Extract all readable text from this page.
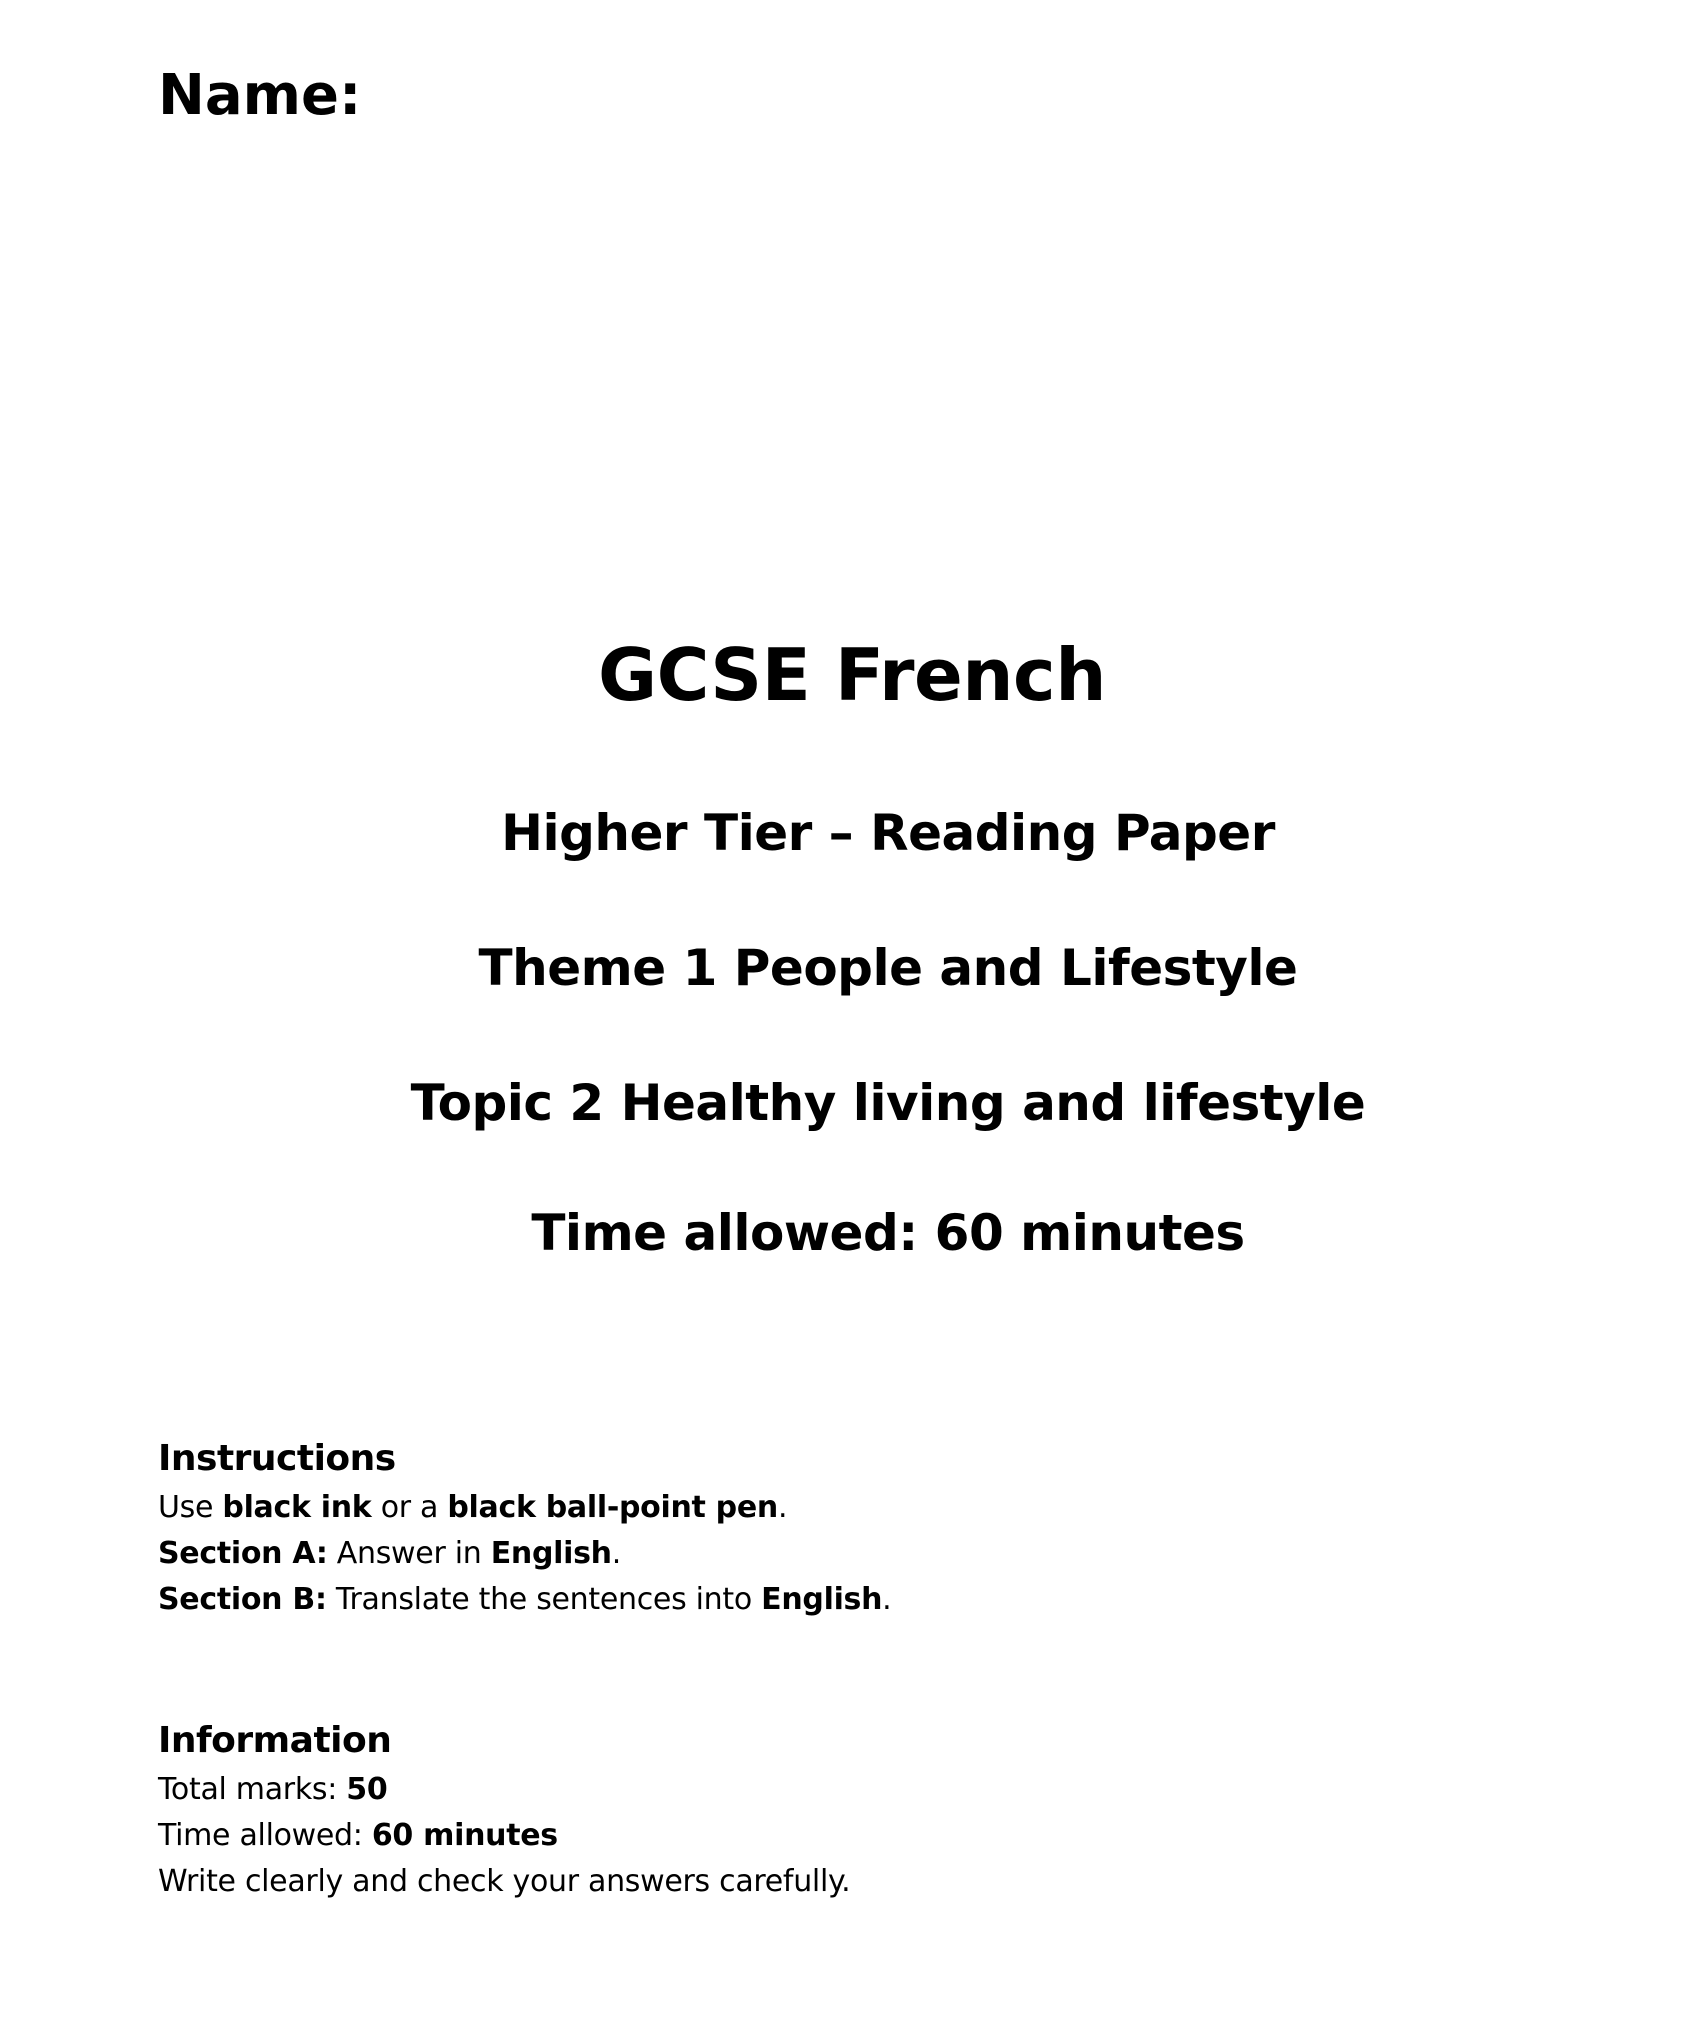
Name:
GCSE French
Higher Tier – Reading Paper
Theme 1 People and Lifestyle
Topic 2 Healthy living and lifestyle
Time allowed: 60 minutes
Instructions

Use black ink or a black ball-point pen.

Section A: Answer in English.

Section B: Translate the sentences into English.

Information

Total marks: 50

Time allowed: 60 minutes

Write clearly and check your answers carefully.
